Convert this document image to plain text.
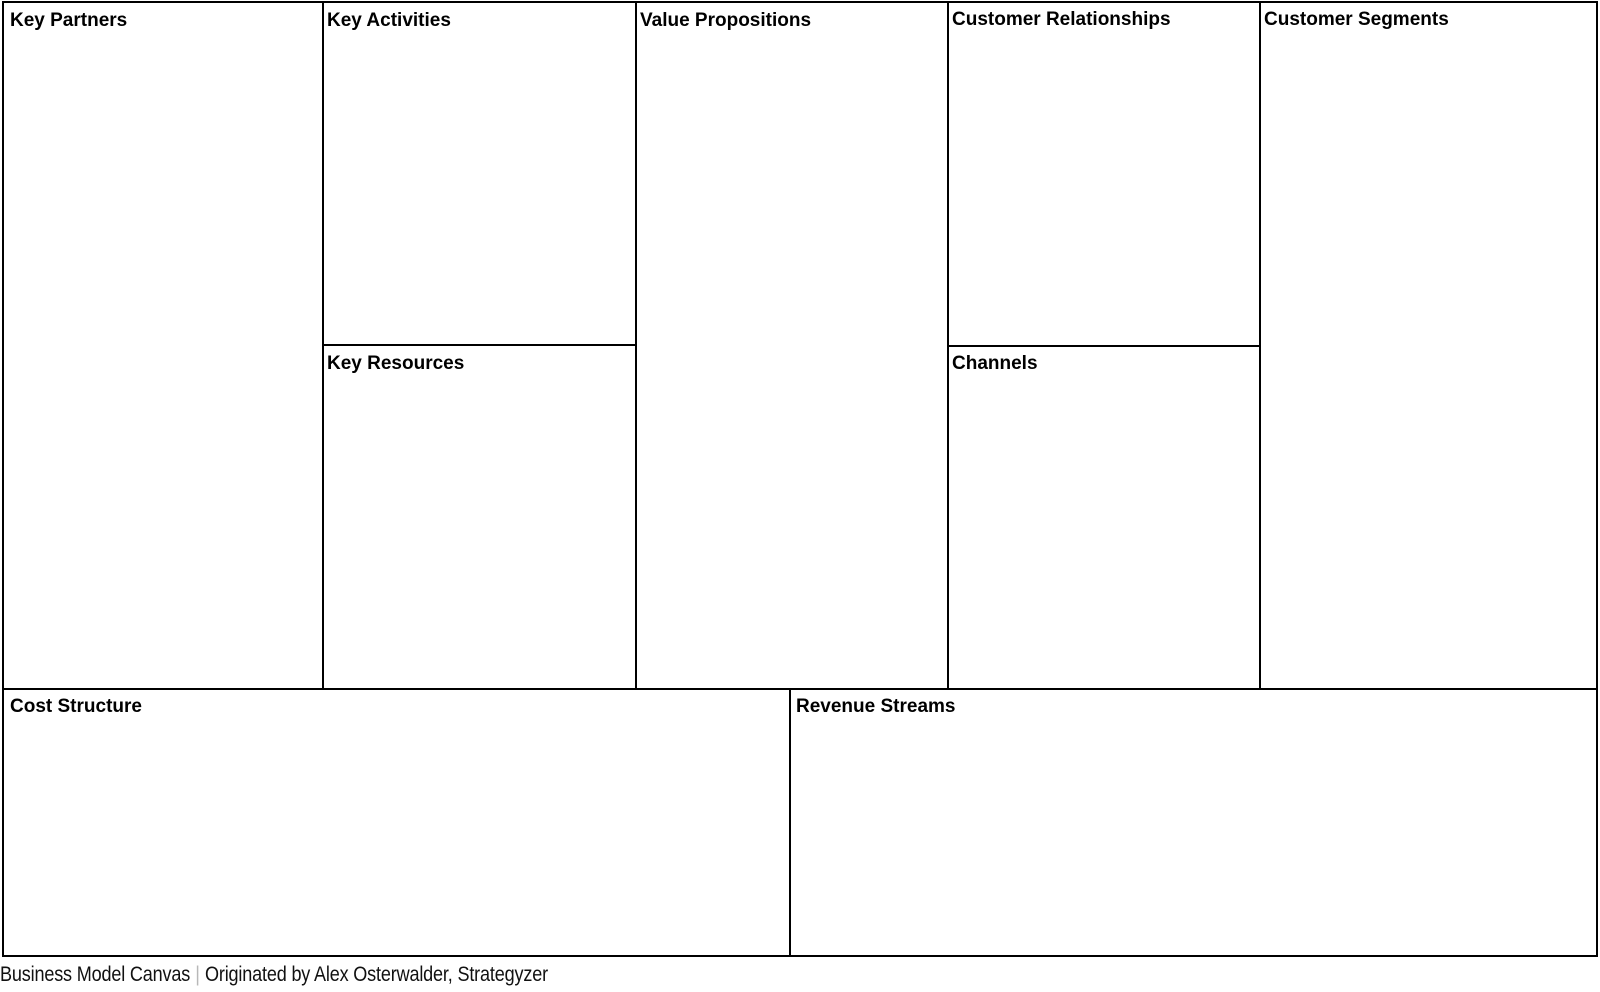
Key Partners	Key Activities
Key Resources
Value Propositions	Customer Relationships
Channels
Customer Segments
Cost Structure	Revenue Streams
Business Model Canvas | Originated by Alex Osterwalder, Strategyzer
